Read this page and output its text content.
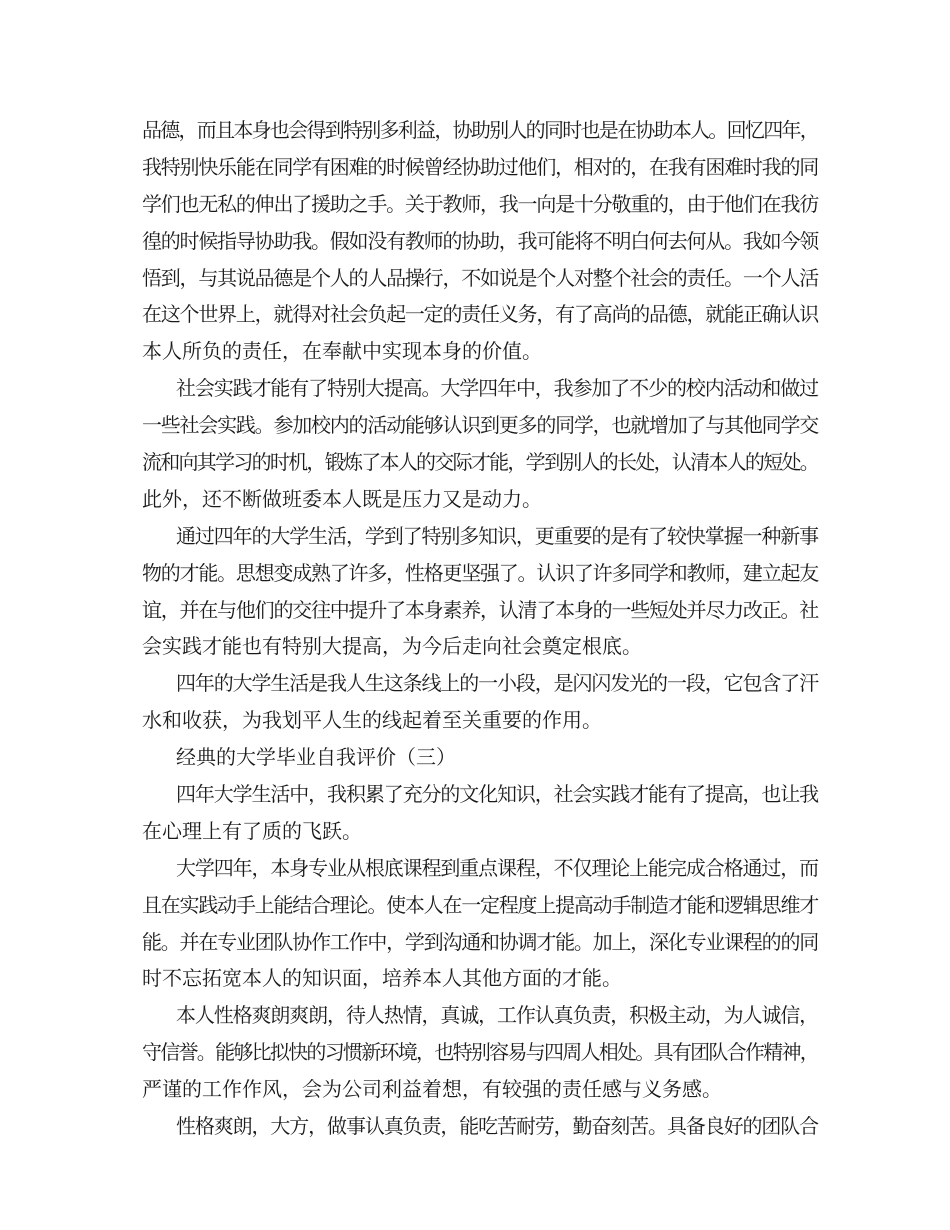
品德，而且本身也会得到特别多利益，协助别人的同时也是在协助本人。回忆四年，
我特别快乐能在同学有困难的时候曾经协助过他们，相对的，在我有困难时我的同
学们也无私的伸出了援助之手。关于教师，我一向是十分敬重的，由于他们在我彷
徨的时候指导协助我。假如没有教师的协助，我可能将不明白何去何从。我如今领
悟到，与其说品德是个人的人品操行，不如说是个人对整个社会的责任。一个人活
在这个世界上，就得对社会负起一定的责任义务，有了高尚的品德，就能正确认识
本人所负的责任，在奉献中实现本身的价值。
社会实践才能有了特别大提高。大学四年中，我参加了不少的校内活动和做过
一些社会实践。参加校内的活动能够认识到更多的同学，也就增加了与其他同学交
流和向其学习的时机，锻炼了本人的交际才能，学到别人的长处，认清本人的短处。
此外，还不断做班委本人既是压力又是动力。
通过四年的大学生活，学到了特别多知识，更重要的是有了较快掌握一种新事
物的才能。思想变成熟了许多，性格更坚强了。认识了许多同学和教师，建立起友
谊，并在与他们的交往中提升了本身素养，认清了本身的一些短处并尽力改正。社
会实践才能也有特别大提高，为今后走向社会奠定根底。
四年的大学生活是我人生这条线上的一小段，是闪闪发光的一段，它包含了汗
水和收获，为我划平人生的线起着至关重要的作用。
经典的大学毕业自我评价（三）
四年大学生活中，我积累了充分的文化知识，社会实践才能有了提高，也让我
在心理上有了质的飞跃。
大学四年，本身专业从根底课程到重点课程，不仅理论上能完成合格通过，而
且在实践动手上能结合理论。使本人在一定程度上提高动手制造才能和逻辑思维才
能。并在专业团队协作工作中，学到沟通和协调才能。加上，深化专业课程的的同
时不忘拓宽本人的知识面，培养本人其他方面的才能。
本人性格爽朗爽朗，待人热情，真诚，工作认真负责，积极主动，为人诚信，
守信誉。能够比拟快的习惯新环境，也特别容易与四周人相处。具有团队合作精神，
严谨的工作作风，会为公司利益着想，有较强的责任感与义务感。
性格爽朗，大方，做事认真负责，能吃苦耐劳，勤奋刻苦。具备良好的团队合
